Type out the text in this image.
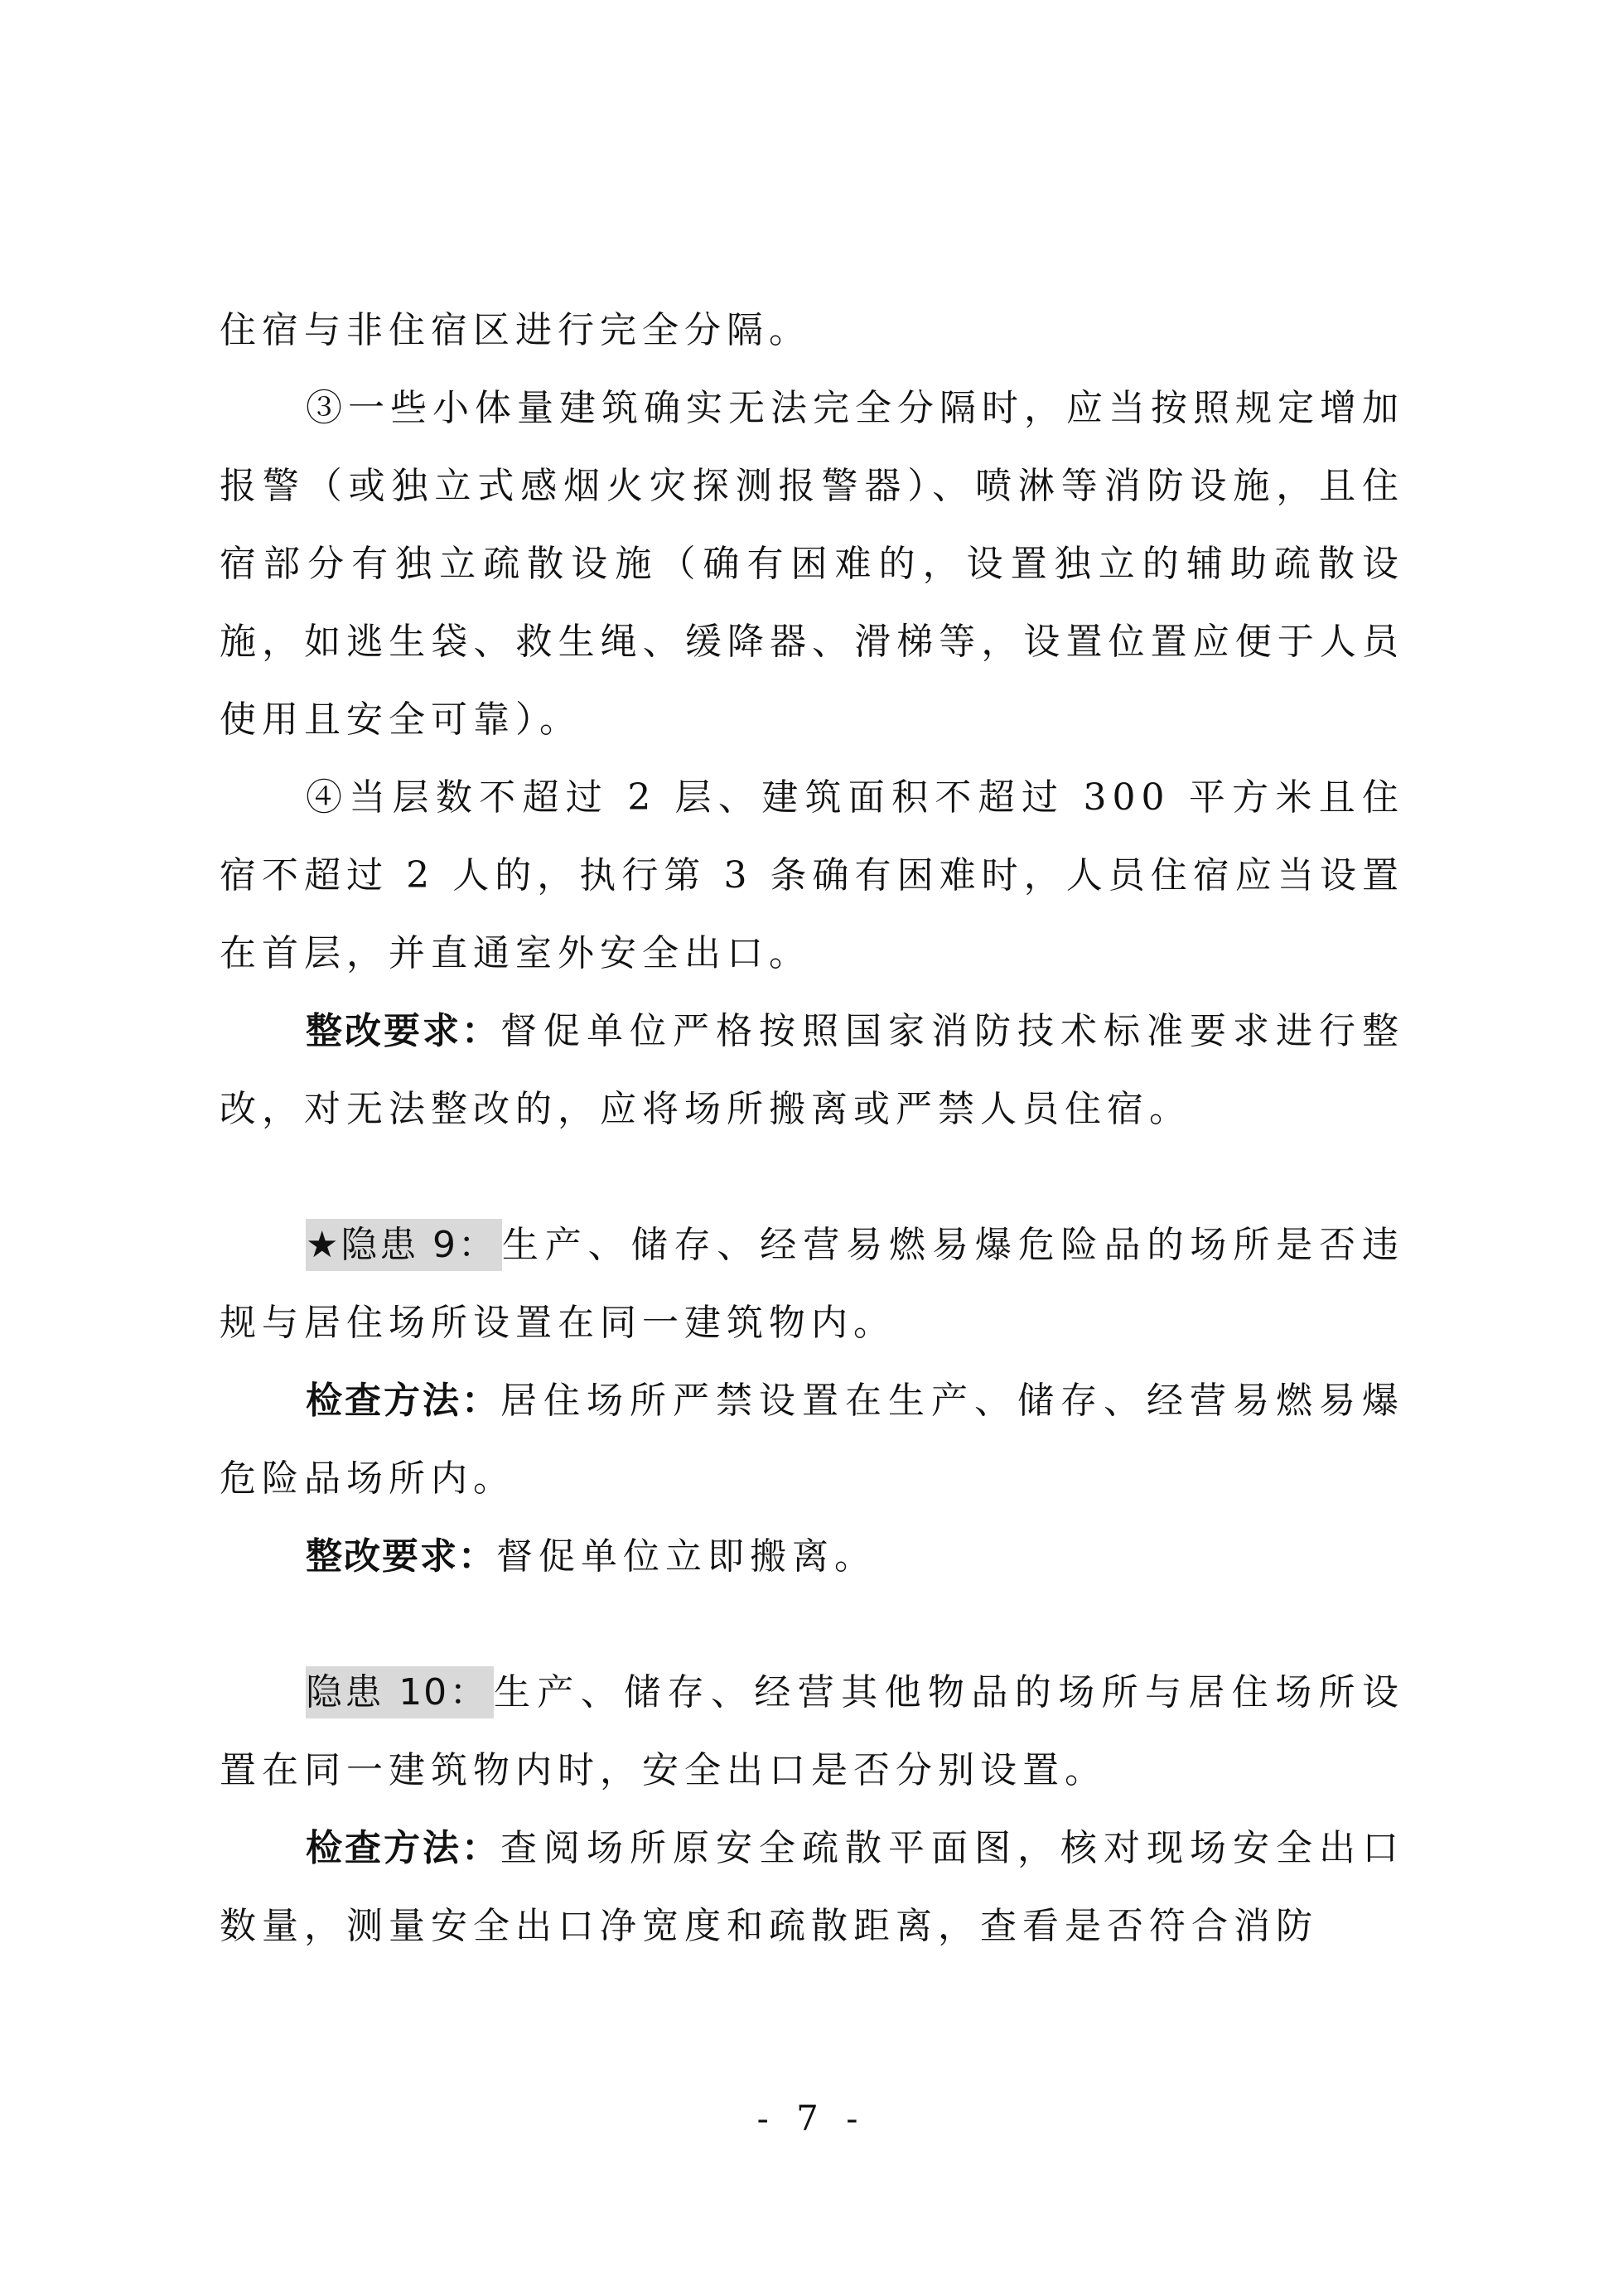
住宿与非住宿区进行完全分隔。

③一些小体量建筑确实无法完全分隔时，应当按照规定增加报警（或独立式感烟火灾探测报警器）、喷淋等消防设施，且住宿部分有独立疏散设施（确有困难的，设置独立的辅助疏散设施，如逃生袋、救生绳、缓降器、滑梯等，设置位置应便于人员使用且安全可靠）。

④当层数不超过 2 层、建筑面积不超过 300 平方米且住宿不超过 2 人的，执行第 3 条确有困难时，人员住宿应当设置在首层，并直通室外安全出口。

整改要求：督促单位严格按照国家消防技术标准要求进行整改，对无法整改的，应将场所搬离或严禁人员住宿。

★隐患 9： 生产、储存、经营易燃易爆危险品的场所是否违规与居住场所设置在同一建筑物内。

检查方法：居住场所严禁设置在生产、储存、经营易燃易爆危险品场所内。

整改要求：督促单位立即搬离。

隐患 10： 生产、储存、经营其他物品的场所与居住场所设置在同一建筑物内时，安全出口是否分别设置。

检查方法：查阅场所原安全疏散平面图，核对现场安全出口数量，测量安全出口净宽度和疏散距离，查看是否符合消防

- 7 -
